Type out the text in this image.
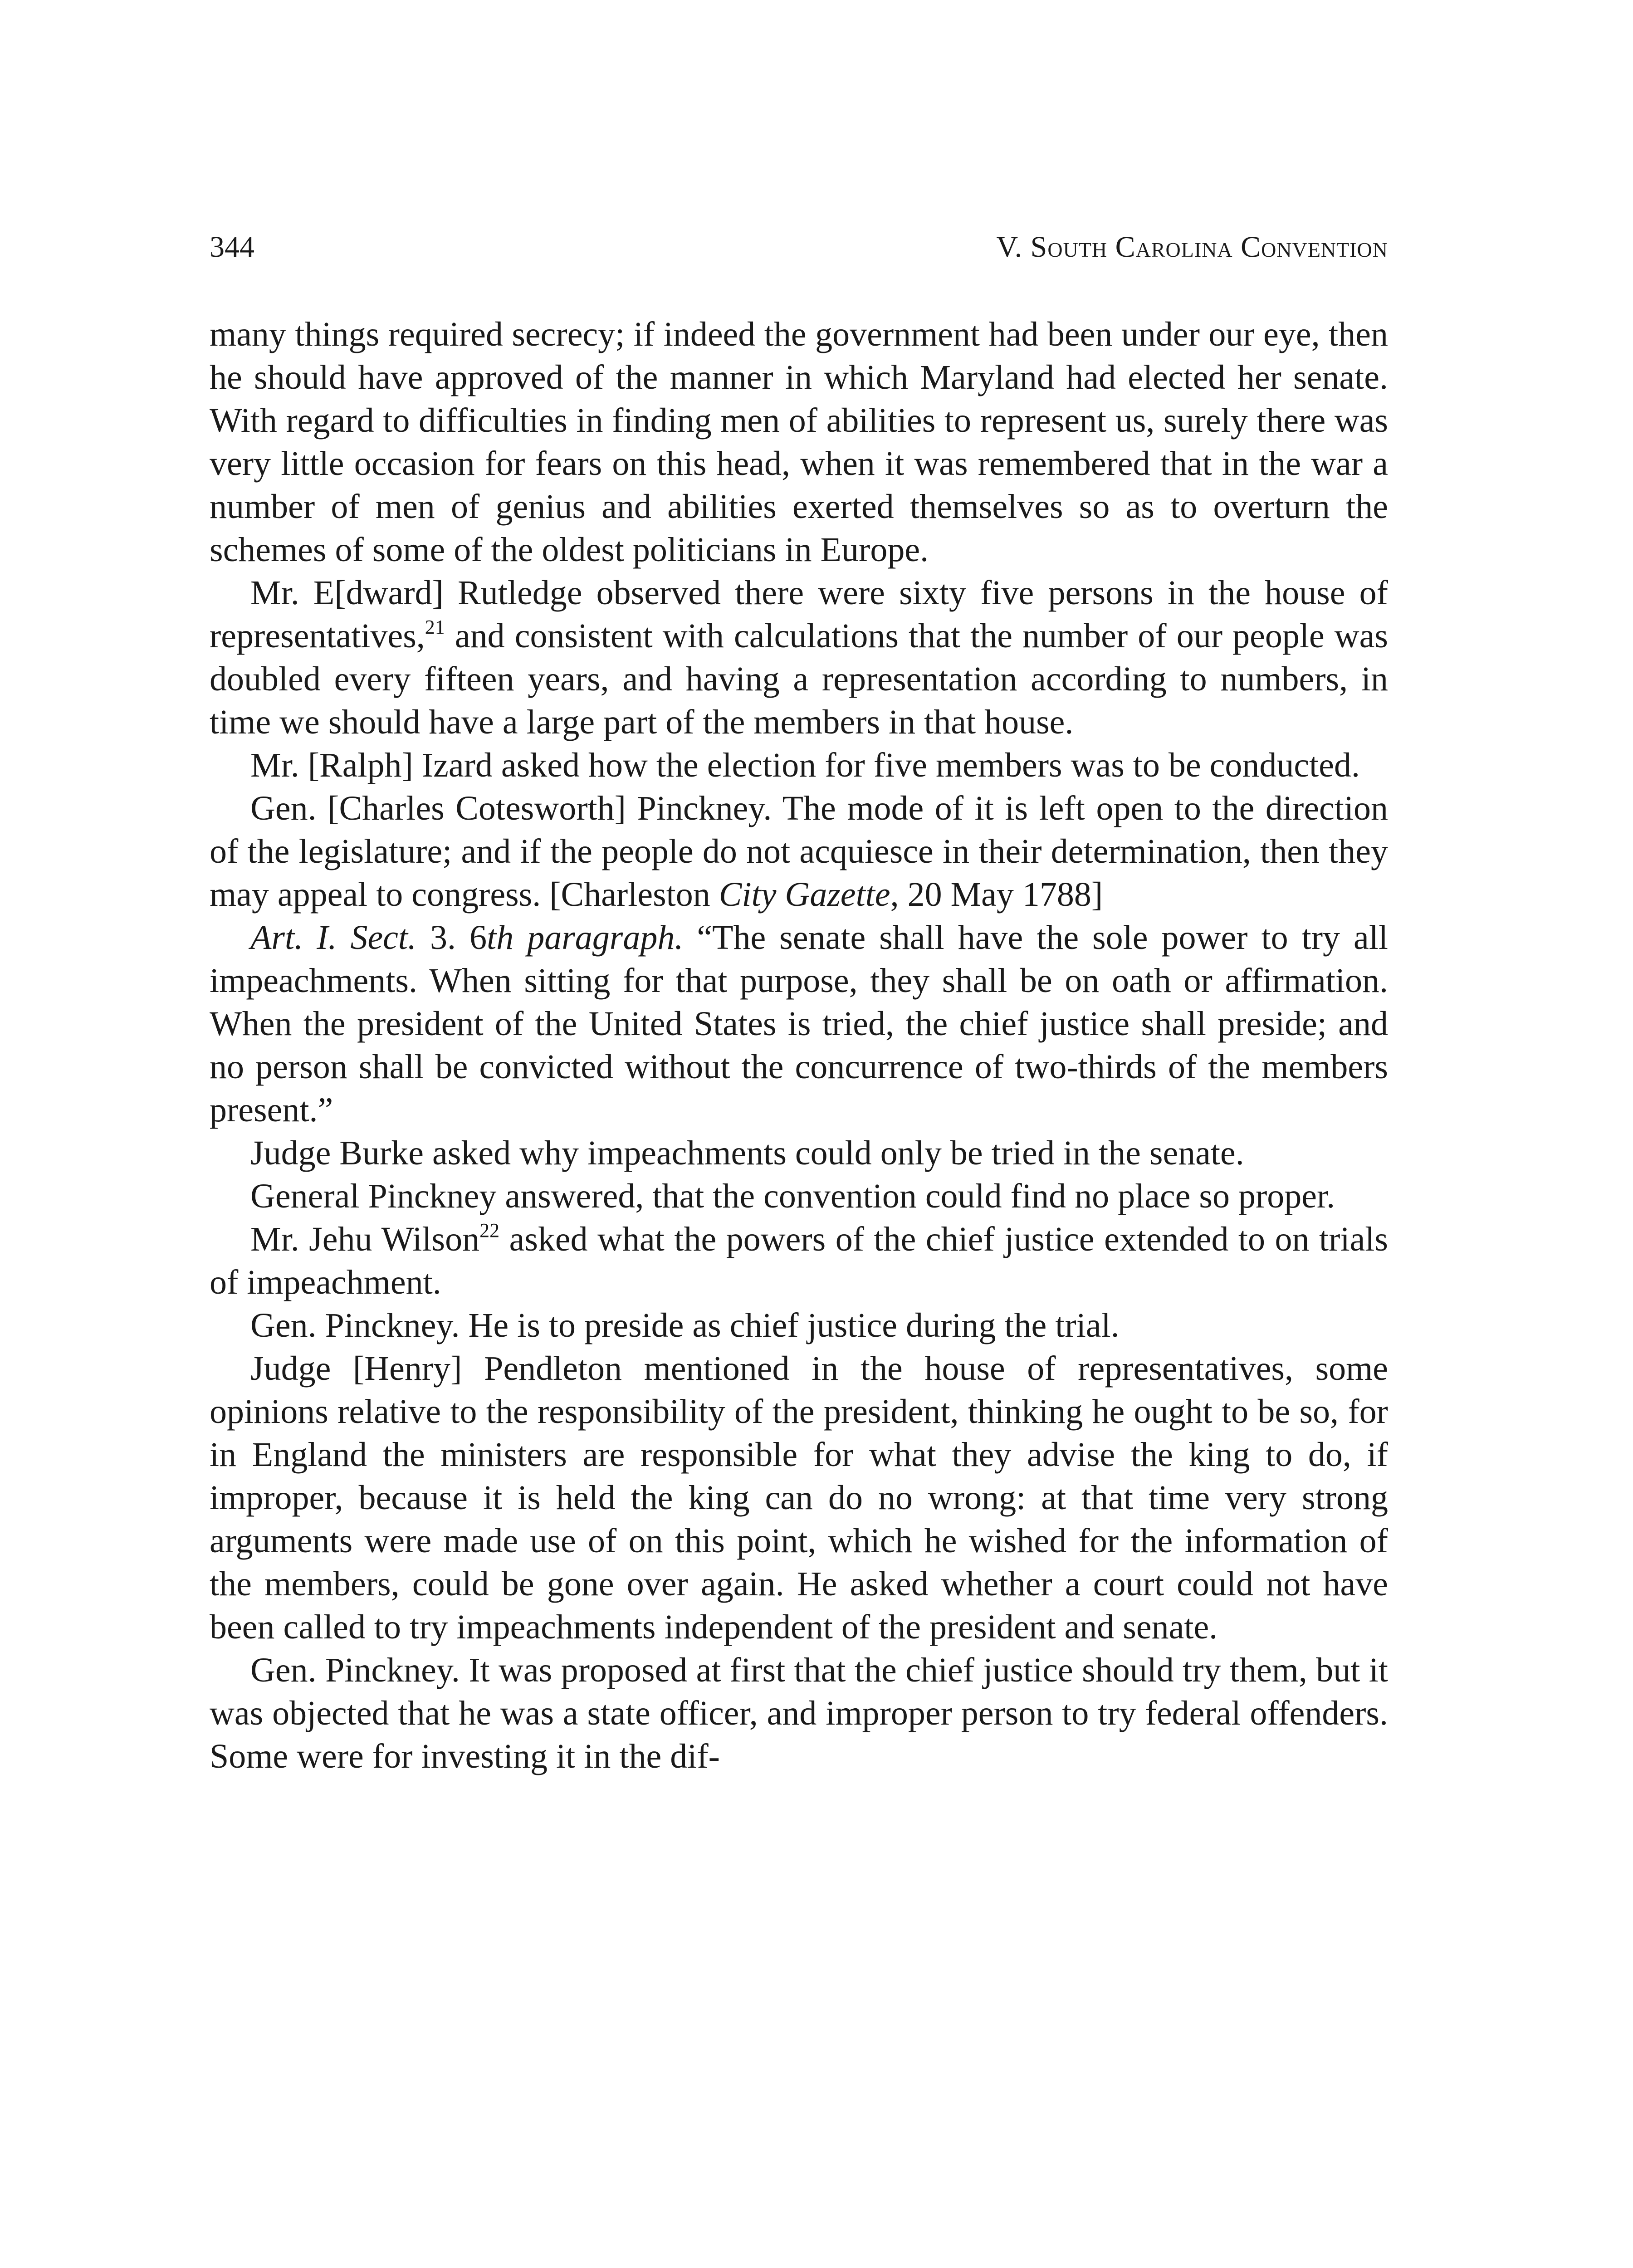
344	V. South Carolina Convention

many things required secrecy; if indeed the government had been under our eye, then he should have approved of the manner in which Maryland had elected her senate. With regard to difficulties in finding men of abilities to represent us, surely there was very little occasion for fears on this head, when it was remembered that in the war a number of men of genius and abilities exerted themselves so as to overturn the schemes of some of the oldest politicians in Europe.

Mr. E[dward] Rutledge observed there were sixty five persons in the house of representatives,$^{21}$ and consistent with calculations that the number of our people was doubled every fifteen years, and having a representation according to numbers, in time we should have a large part of the members in that house.

Mr. [Ralph] Izard asked how the election for five members was to be conducted.

Gen. [Charles Cotesworth] Pinckney. The mode of it is left open to the direction of the legislature; and if the people do not acquiesce in their determination, then they may appeal to congress. [Charleston City Gazette, 20 May 1788]

Art. I. Sect. 3. 6th paragraph. “The senate shall have the sole power to try all impeachments. When sitting for that purpose, they shall be on oath or affirmation. When the president of the United States is tried, the chief justice shall preside; and no person shall be convicted without the concurrence of two-thirds of the members present.”

Judge Burke asked why impeachments could only be tried in the senate.

General Pinckney answered, that the convention could find no place so proper.

Mr. Jehu Wilson$^{22}$ asked what the powers of the chief justice extended to on trials of impeachment.

Gen. Pinckney. He is to preside as chief justice during the trial.

Judge [Henry] Pendleton mentioned in the house of representatives, some opinions relative to the responsibility of the president, thinking he ought to be so, for in England the ministers are responsible for what they advise the king to do, if improper, because it is held the king can do no wrong: at that time very strong arguments were made use of on this point, which he wished for the information of the members, could be gone over again. He asked whether a court could not have been called to try impeachments independent of the president and senate.

Gen. Pinckney. It was proposed at first that the chief justice should try them, but it was objected that he was a state officer, and improper person to try federal offenders. Some were for investing it in the dif-
